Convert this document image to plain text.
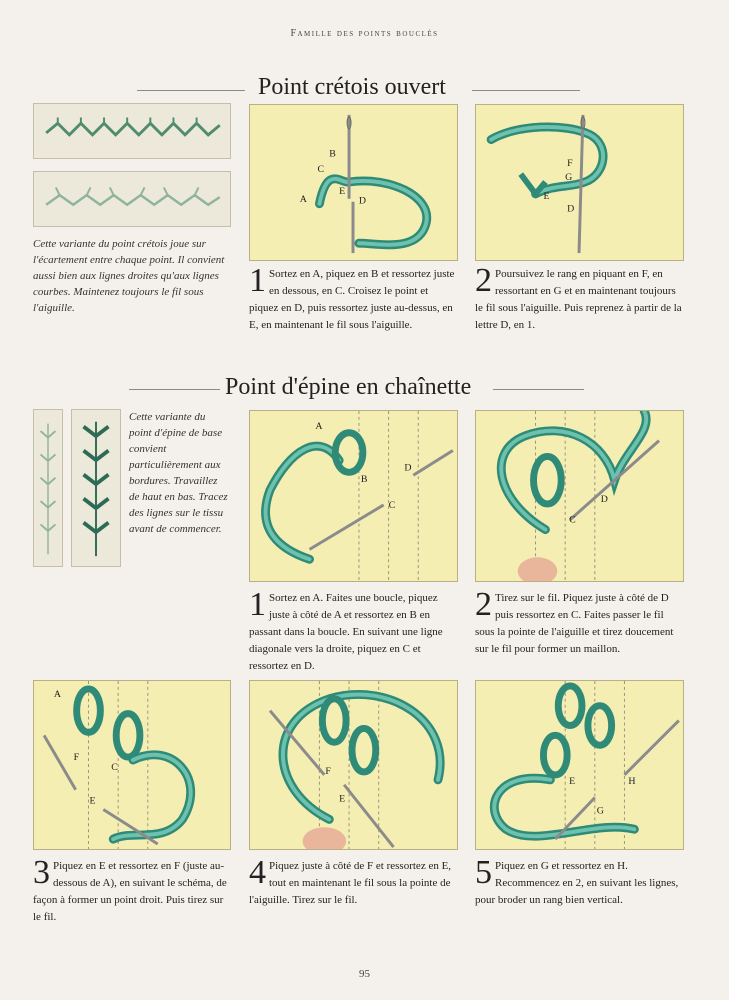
Famille des points bouclés
Point crétois ouvert
Cette variante du point crétois joue sur l'écartement entre chaque point. Il convient aussi bien aux lignes droites qu'aux lignes courbes. Maintenez toujours le fil sous l'aiguille.
B
C
A
E
D
1 Sortez en A, piquez en B et ressortez juste en dessous, en C. Croisez le point et piquez en D, puis ressortez juste au-dessus, en E, en maintenant le fil sous l'aiguille.
F
G
E
D
2 Poursuivez le rang en piquant en F, en ressortant en G et en maintenant toujours le fil sous l'aiguille. Puis reprenez à partir de la lettre D, en 1.
Point d'épine en chaînette
Cette variante du point d'épine de base convient particulièrement aux bordures. Travaillez de haut en bas. Tracez des lignes sur le tissu avant de commencer.
A
B
C
D
1 Sortez en A. Faites une boucle, piquez juste à côté de A et ressortez en B en passant dans la boucle. En suivant une ligne diagonale vers la droite, piquez en C et ressortez en D.
C
D
2 Tirez sur le fil. Piquez juste à côté de D puis ressortez en C. Faites passer le fil sous la pointe de l'aiguille et tirez doucement sur le fil pour former un maillon.
A
F
C
E
3 Piquez en E et ressortez en F (juste au-dessous de A), en suivant le schéma, de façon à former un point droit. Puis tirez sur le fil.
F
E
4 Piquez juste à côté de F et ressortez en E, tout en maintenant le fil sous la pointe de l'aiguille. Tirez sur le fil.
E	H
G
5 Piquez en G et ressortez en H. Recommencez en 2, en suivant les lignes, pour broder un rang bien vertical.
95
